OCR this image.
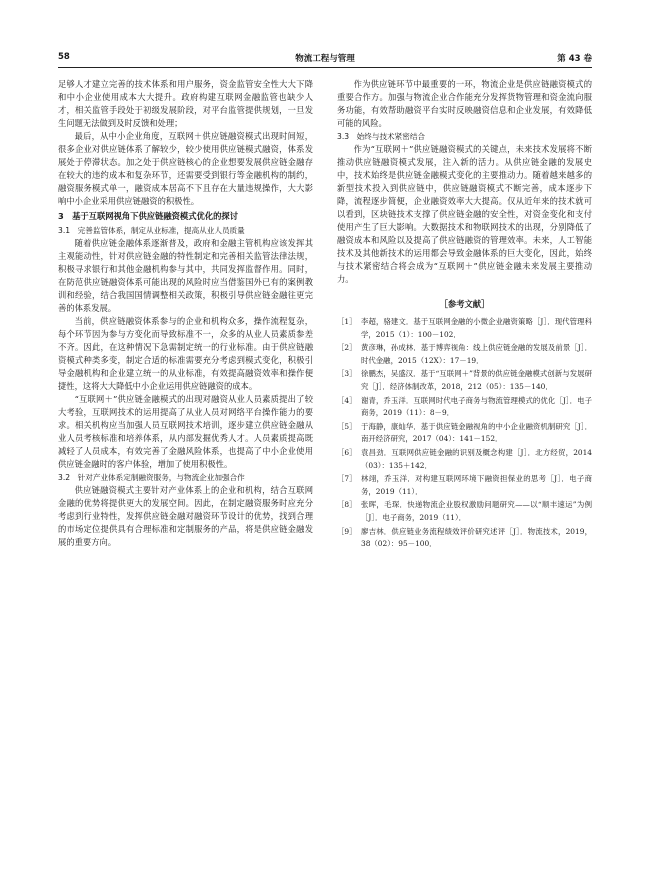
58	物流工程与管理	第 43 卷

足够人才建立完善的技术体系和用户服务，资金监管安全性大大下降和中小企业使用成本大大提升。政府构建互联网金融监管也缺少人才，相关监管手段处于初级发展阶段，对平台监管提供规划，一旦发生问题无法做到及时反馈和处理；

最后，从中小企业角度，互联网＋供应链融资模式出现时间短，很多企业对供应链体系了解较少，较少使用供应链模式融资，体系发展处于停滞状态。加之处于供应链核心的企业想要发展供应链金融存在较大的违约成本和复杂环节，还需要受到银行等金融机构的制约，融资服务模式单一，融资成本居高不下且存在大量违规操作，大大影响中小企业采用供应链融资的积极性。

3　基于互联网视角下供应链融资模式优化的探讨
3.1　完善监管体系，制定从业标准，提高从业人员质量

随着供应链金融体系逐渐普及，政府和金融主管机构应该发挥其主观能动性，针对供应链金融的特性制定和完善相关监管法律法规，积极寻求银行和其他金融机构参与其中，共同发挥监督作用。同时，在防范供应链融资体系可能出现的风险时应当借鉴国外已有的案例教训和经验，结合我国国情调整相关政策，积极引导供应链金融往更完善的体系发展。

当前，供应链融资体系参与的企业和机构众多，操作流程复杂，每个环节因为参与方变化而导致标准不一，众多的从业人员素质参差不齐。因此，在这种情况下急需制定统一的行业标准。由于供应链融资模式种类多变，制定合适的标准需要充分考虑到模式变化，积极引导金融机构和企业建立统一的从业标准，有效提高融资效率和操作便捷性，这将大大降低中小企业运用供应链融资的成本。

“互联网＋”供应链金融模式的出现对融资从业人员素质提出了较大考验，互联网技术的运用提高了从业人员对网络平台操作能力的要求。相关机构应当加强人员互联网技术培训，逐步建立供应链金融从业人员考核标准和培养体系，从内部发掘优秀人才。人员素质提高既减轻了人员成本，有效完善了金融风险体系，也提高了中小企业使用供应链金融时的客户体验，增加了使用积极性。

3.2　针对产业体系定制融资服务，与物流企业加强合作

供应链融资模式主要针对产业体系上的企业和机构，结合互联网金融的优势将提供更大的发展空间。因此，在制定融资服务时应充分考虑到行业特性，发挥供应链金融对融资环节设计的优势，找到合理的市场定位提供具有合理标准和定制服务的产品，将是供应链金融发展的重要方向。

作为供应链环节中最重要的一环，物流企业是供应链融资模式的重要合作方。加强与物流企业合作能充分发挥货物管理和资金流向服务功能，有效帮助融资平台实时反映融资信息和企业发展，有效降低可能的风险。

3.3　始终与技术紧密结合

作为“互联网＋”供应链融资模式的关键点，未来技术发展将不断推动供应链融资模式发展，注入新的活力。从供应链金融的发展史中，技术始终是供应链金融模式变化的主要推动力。随着越来越多的新型技术投入到供应链中，供应链融资模式不断完善，成本逐步下降，流程逐步简便，企业融资效率大大提高。仅从近年来的技术就可以看到，区块链技术支撑了供应链金融的安全性，对资金变化和支付使用产生了巨大影响。大数据技术和物联网技术的出现，分别降低了融资成本和风险以及提高了供应链融资的管理效率。未来，人工智能技术及其他新技术的运用都会导致金融体系的巨大变化，因此，始终与技术紧密结合将会成为“互联网＋”供应链金融未来发展主要推动力。

［参考文献］
［1］ 李超，骆建文．基于互联网金融的小微企业融资策略［J］．现代管理科学，2015（1）：100－102．
［2］ 黄彦琳，孙成林．基于博弈视角：线上供应链金融的发展及前景［J］．时代金融，2015（12X）：17－19．
［3］ 徐鹏杰，吴盛汉．基于“互联网＋”背景的供应链金融模式创新与发展研究［J］．经济体制改革，2018，212（05）：135－140．
［4］ 谢青，乔玉洋．互联网时代电子商务与物流管理模式的优化［J］．电子商务，2019（11）：8－9．
［5］ 于海静，康灿华．基于供应链金融视角的中小企业融资机制研究［J］．南开经济研究，2017（04）：141－152．
［6］ 袁昌劲．互联网供应链金融的识别及概念构建［J］．北方经贸，2014（03）：135＋142．
［7］ 林翊，乔玉洋．对构建互联网环境下融资担保业的思考［J］．电子商务，2019（11）．
［8］ 张晖，毛琛．快递物流企业股权激励问题研究——以“顺丰速运”为例［J］．电子商务，2019（11）．
［9］ 廖吉林．供应链业务流程绩效评价研究述评［J］．物流技术，2019，38（02）：95－100．
